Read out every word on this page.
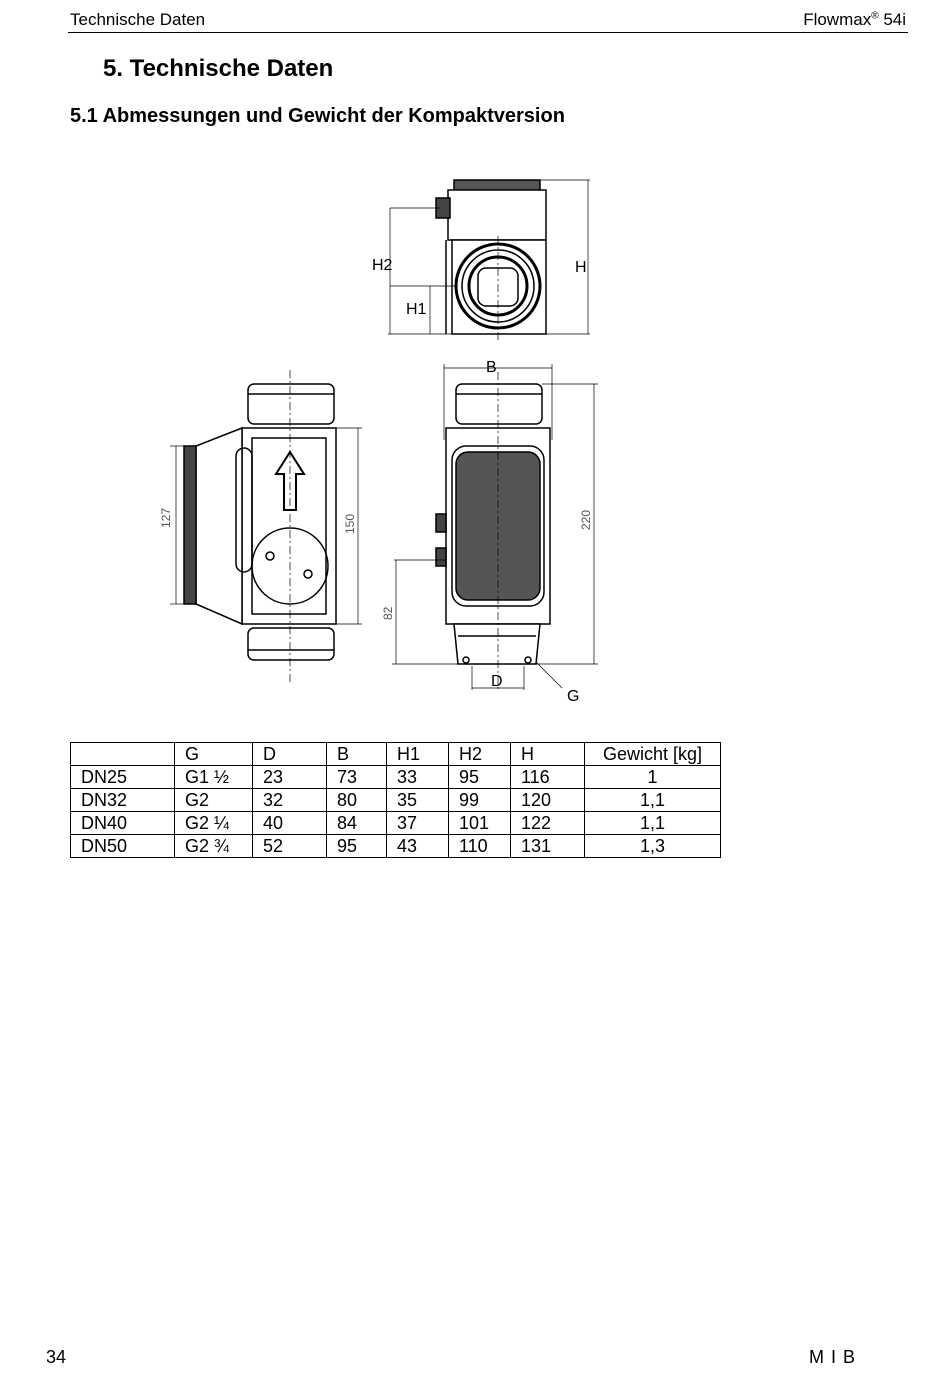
Technische Daten	Flowmax® 54i
5. Technische Daten
5.1 Abmessungen und Gewicht der Kompaktversion
H2	H
H1
127	150
B
220
82
D
G
	G	D	B	H1	H2	H	Gewicht [kg]
DN25	G1 ½	23	73	33	95	116	1
DN32	G2	32	80	35	99	120	1,1
DN40	G2 ¼	40	84	37	101	122	1,1
DN50	G2 ¾	52	95	43	110	131	1,3
34	M I B
